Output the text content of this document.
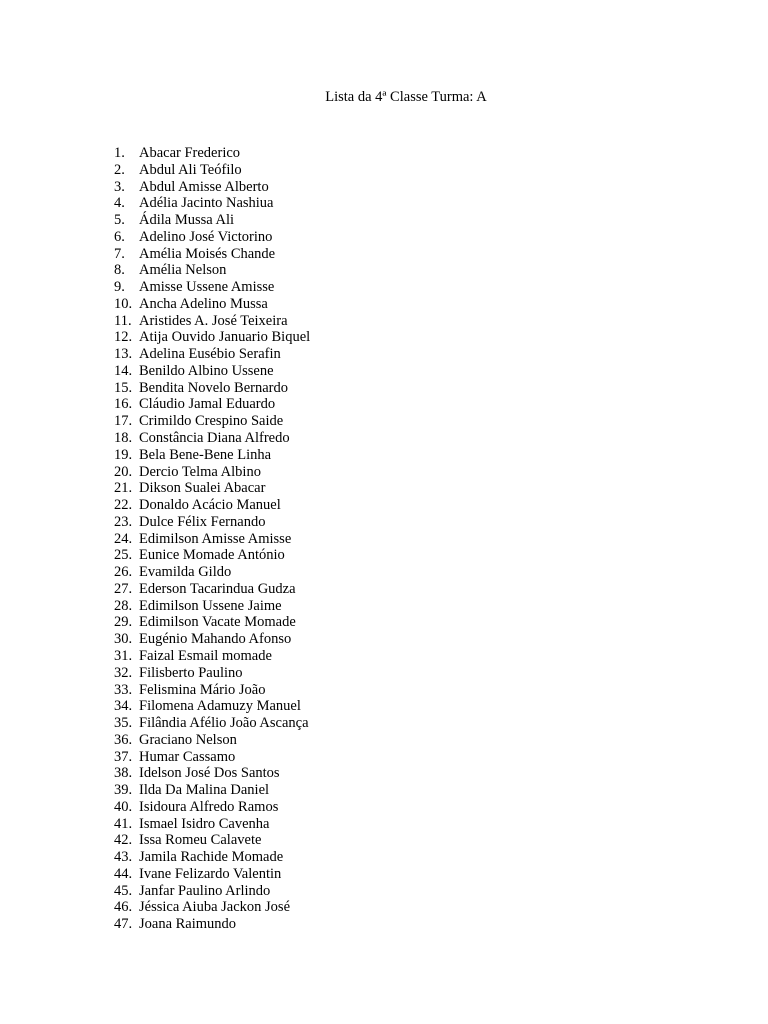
Lista da 4ª Classe Turma: A
1. Abacar Frederico
2. Abdul Ali Teófilo
3. Abdul Amisse Alberto
4. Adélia Jacinto Nashiua
5. Ádila Mussa Ali
6. Adelino José Victorino
7. Amélia Moisés Chande
8. Amélia Nelson
9. Amisse Ussene Amisse
10. Ancha Adelino Mussa
11. Aristides A. José Teixeira
12. Atija Ouvido Januario Biquel
13. Adelina Eusébio Serafin
14. Benildo Albino Ussene
15. Bendita Novelo Bernardo
16. Cláudio Jamal Eduardo
17. Crimildo Crespino Saide
18. Constância Diana Alfredo
19. Bela Bene-Bene Linha
20. Dercio Telma Albino
21. Dikson Sualei Abacar
22. Donaldo Acácio Manuel
23. Dulce Félix Fernando
24. Edimilson Amisse Amisse
25. Eunice Momade António
26. Evamilda Gildo
27. Ederson Tacarindua Gudza
28. Edimilson Ussene Jaime
29. Edimilson Vacate Momade
30. Eugénio Mahando Afonso
31. Faizal Esmail momade
32. Filisberto Paulino
33. Felismina Mário João
34. Filomena Adamuzy Manuel
35. Filândia Afélio João Ascança
36. Graciano Nelson
37. Humar Cassamo
38. Idelson José Dos Santos
39. Ilda Da Malina Daniel
40. Isidoura Alfredo Ramos
41. Ismael Isidro Cavenha
42. Issa Romeu Calavete
43. Jamila Rachide Momade
44. Ivane Felizardo Valentin
45. Janfar Paulino Arlindo
46. Jéssica Aiuba Jackon José
47. Joana Raimundo
